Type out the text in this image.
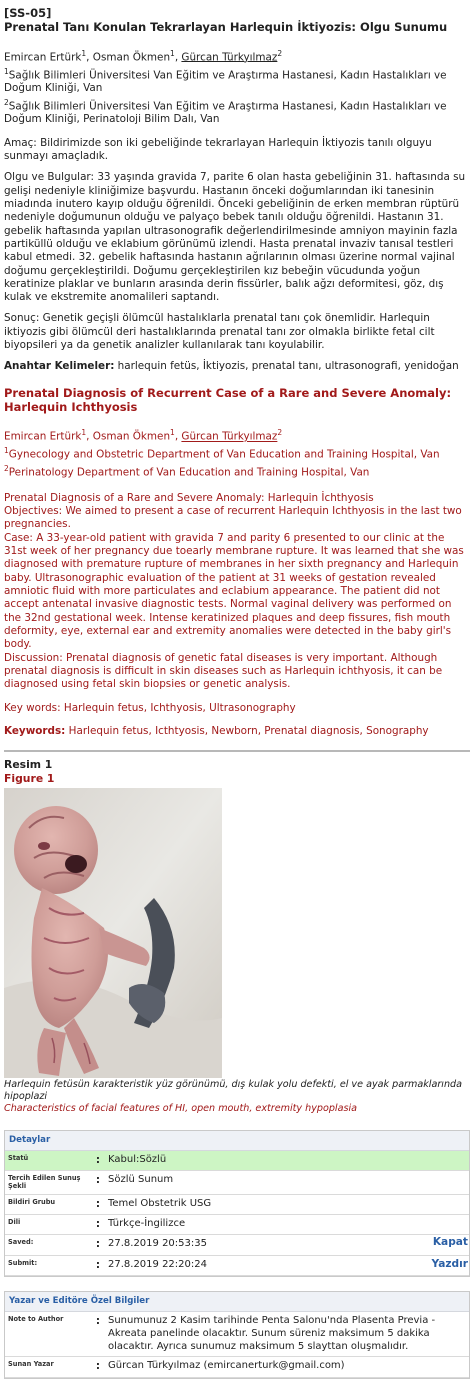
[SS-05]

Prenatal Tanı Konulan Tekrarlayan Harlequin İktiyozis: Olgu Sunumu

Emircan Ertürk$^1$, Osman Ökmen$^1$, Gürcan Türkyılmaz$^2$

$^1$Sağlık Bilimleri Üniversitesi Van Eğitim ve Araştırma Hastanesi, Kadın Hastalıkları ve Doğum Kliniği, Van

$^2$Sağlık Bilimleri Üniversitesi Van Eğitim ve Araştırma Hastanesi, Kadın Hastalıkları ve Doğum Kliniği, Perinatoloji Bilim Dalı, Van

Amaç: Bildirimizde son iki gebeliğinde tekrarlayan Harlequin İktiyozis tanılı olguyu sunmayı amaçladık.

Olgu ve Bulgular: 33 yaşında gravida 7, parite 6 olan hasta gebeliğinin 31. haftasında su gelişi nedeniyle kliniğimize başvurdu. Hastanın önceki doğumlarından iki tanesinin miadında inutero kayıp olduğu öğrenildi. Önceki gebeliğinin de erken membran rüptürü nedeniyle doğumunun olduğu ve palyaço bebek tanılı olduğu öğrenildi. Hastanın 31. gebelik haftasında yapılan ultrasonografik değerlendirilmesinde amniyon mayinin fazla partiküllü olduğu ve eklabium görünümü izlendi. Hasta prenatal invaziv tanısal testleri kabul etmedi. 32. gebelik haftasında hastanın ağrılarının olması üzerine normal vajinal doğumu gerçekleştirildi. Doğumu gerçekleştirilen kız bebeğin vücudunda yoğun keratinize plaklar ve bunların arasında derin fissürler, balık ağzı deformitesi, göz, dış kulak ve ekstremite anomalileri saptandı.

Sonuç: Genetik geçişli ölümcül hastalıklarla prenatal tanı çok önemlidir. Harlequin iktiyozis gibi ölümcül deri hastalıklarında prenatal tanı zor olmakla birlikte fetal cilt biyopsileri ya da genetik analizler kullanılarak tanı koyulabilir.

Anahtar Kelimeler: harlequin fetüs, İktiyozis, prenatal tanı, ultrasonografi, yenidoğan

Prenatal Diagnosis of Recurrent Case of a Rare and Severe Anomaly: Harlequin Ichthyosis

Emircan Ertürk$^1$, Osman Ökmen$^1$, Gürcan Türkyılmaz$^2$

$^1$Gynecology and Obstetric Department of Van Education and Training Hospital, Van

$^2$Perinatology Department of Van Education and Training Hospital, Van

Prenatal Diagnosis of a Rare and Severe Anomaly: Harlequin İchthyosis

Objectives: We aimed to present a case of recurrent Harlequin Ichthyosis in the last two pregnancies.

Case: A 33-year-old patient with gravida 7 and parity 6 presented to our clinic at the 31st week of her pregnancy due toearly membrane rupture. It was learned that she was diagnosed with premature rupture of membranes in her sixth pregnancy and Harlequin baby. Ultrasonographic evaluation of the patient at 31 weeks of gestation revealed amniotic fluid with more particulates and eclabium appearance. The patient did not accept antenatal invasive diagnostic tests. Normal vaginal delivery was performed on the 32nd gestational week. Intense keratinized plaques and deep fissures, fish mouth deformity, eye, external ear and extremity anomalies were detected in the baby girl's body.

Discussion: Prenatal diagnosis of genetic fatal diseases is very important. Although prenatal diagnosis is difficult in skin diseases such as Harlequin ichthyosis, it can be diagnosed using fetal skin biopsies or genetic analysis.

Key words: Harlequin fetus, Ichthyosis, Ultrasonography

Keywords: Harlequin fetus, Icthtyosis, Newborn, Prenatal diagnosis, Sonography

Resim 1

Figure 1

Harlequin fetüsün karakteristik yüz görünümü, dış kulak yolu defekti, el ve ayak parmaklarında hipoplazi

Characteristics of facial features of HI, open mouth, extremity hypoplasia

Detaylar
Statü	:	Kabul:Sözlü
Tercih Edilen Sunuş Şekli	:	Sözlü Sunum
Bildiri Grubu	:	Temel Obstetrik USG
Dili	:	Türkçe-İngilizce
Saved:	:	27.8.2019 20:53:35
Submit:	:	27.8.2019 22:20:24
Yazar ve Editöre Özel Bilgiler
Note to Author	:	Sunumunuz 2 Kasim tarihinde Penta Salonu'nda Plasenta Previa - Akreata panelinde olacaktır. Sunum süreniz maksimum 5 dakika olacaktır. Ayrıca sunumuz maksimum 5 slayttan oluşmalıdır.
Sunan Yazar	:	Gürcan Türkyılmaz (emircanerturk@gmail.com)
Kapat
Yazdır
